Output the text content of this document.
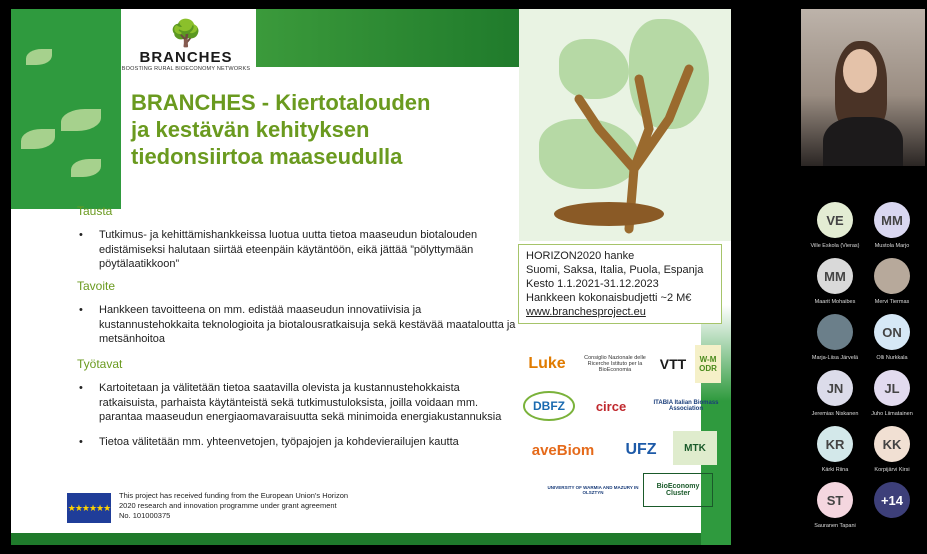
🌳
BRANCHES
BOOSTING RURAL BIOECONOMY NETWORKS
BRANCHES - Kiertotalouden
ja kestävän kehityksen
tiedonsiirtoa maaseudulla
Tausta
• Tutkimus- ja kehittämishankkeissa luotua uutta tietoa maaseudun biotalouden edistämiseksi halutaan siirtää eteenpäin käytäntöön, eikä jättää ”pölyttymään pöytälaatikkoon”
Tavoite
• Hankkeen tavoitteena on mm. edistää maaseudun innovatiivisia ja kustannustehokkaita teknologioita ja biotalousratkaisuja sekä kestävää maataloutta ja metsänhoitoa
Työtavat
• Kartoitetaan ja välitetään tietoa saatavilla olevista ja kustannustehokkaista ratkaisuista, parhaista käytänteistä sekä tutkimustuloksista, joilla voidaan mm. parantaa maaseudun energiaomavaraisuutta sekä minimoida energiakustannuksia
• Tietoa välitetään mm. yhteenvetojen, työpajojen ja kohdevierailujen kautta
HORIZON2020 hanke
Suomi, Saksa, Italia, Puola, Espanja
Kesto 1.1.2021-31.12.2023
Hankkeen kokonaisbudjetti ~2 M€
www.branchesproject.eu
Luke	Consiglio Nazionale delle Ricerche Istituto per la BioEconomia	VTT	W-M ODR
DBFZ	circe	ITABIA Italian Biomass Association
aveBiom	UFZ	MTK
UNIVERSITY OF WARMIA AND MAZURY IN OLSZTYN
BioEconomy Cluster
★★★★★★
This project has received funding from the European Union's Horizon 2020 research and innovation programme under grant agreement No. 101000375
VE
Ville Eskola (Vieras)
MM
Mustola Marjo
MM
Maarit Mohaibes	Mervi Tiermas
Marja-Liisa Järvelä
ON
Olli Nurkkala
JN
Jeremias Niskanen
JL
Juho Liimatainen
KR
Kärki Riina
KK
Korpijärvi Kirsi
ST
Sauranen Tapani
+14
